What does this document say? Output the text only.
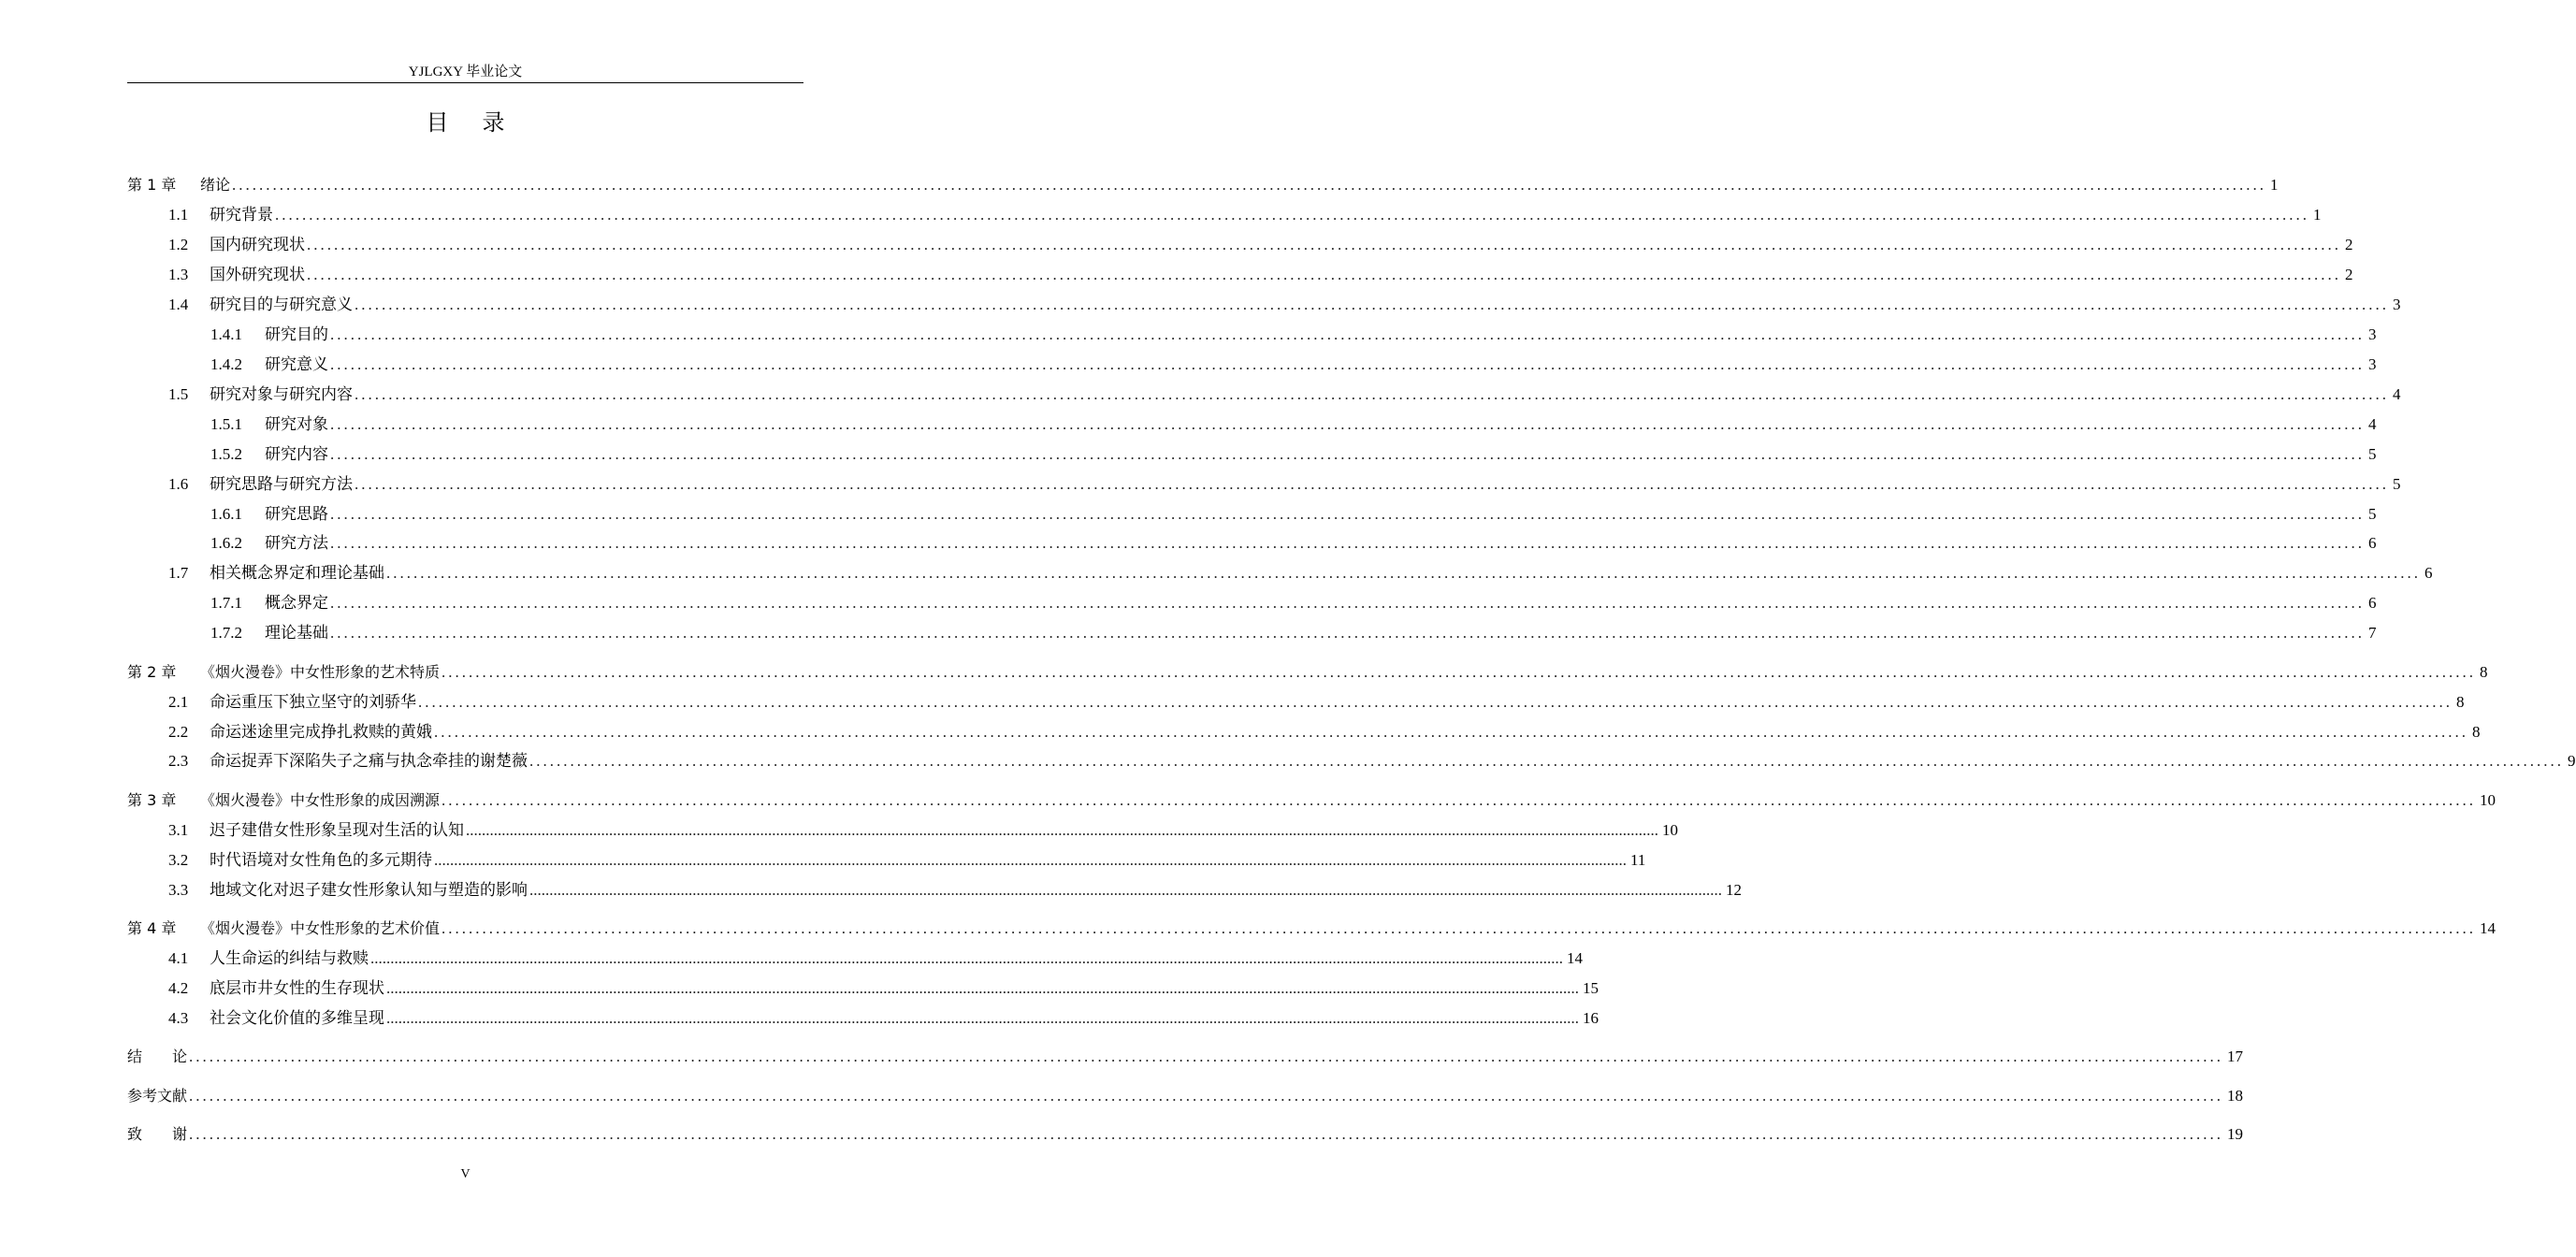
YJLGXY 毕业论文
目录
第 1 章	绪论 ............................................................................................................................................................................................................................................................................................................ 1
1.1	研究背景 ............................................................................................................................................................................................................................................................................................................ 1
1.2	国内研究现状 ............................................................................................................................................................................................................................................................................................................ 2
1.3	国外研究现状 ............................................................................................................................................................................................................................................................................................................ 2
1.4	研究目的与研究意义 ............................................................................................................................................................................................................................................................................................................ 3
1.4.1	研究目的 ............................................................................................................................................................................................................................................................................................................ 3
1.4.2	研究意义 ............................................................................................................................................................................................................................................................................................................ 3
1.5	研究对象与研究内容 ............................................................................................................................................................................................................................................................................................................ 4
1.5.1	研究对象 ............................................................................................................................................................................................................................................................................................................ 4
1.5.2	研究内容 ............................................................................................................................................................................................................................................................................................................ 5
1.6	研究思路与研究方法 ............................................................................................................................................................................................................................................................................................................ 5
1.6.1	研究思路 ............................................................................................................................................................................................................................................................................................................ 5
1.6.2	研究方法 ............................................................................................................................................................................................................................................................................................................ 6
1.7	相关概念界定和理论基础 ............................................................................................................................................................................................................................................................................................................ 6
1.7.1	概念界定 ............................................................................................................................................................................................................................................................................................................ 6
1.7.2	理论基础 ............................................................................................................................................................................................................................................................................................................ 7
第 2 章	《烟火漫卷》中女性形象的艺术特质 ............................................................................................................................................................................................................................................................................................................ 8
2.1	命运重压下独立坚守的刘骄华 ............................................................................................................................................................................................................................................................................................................ 8
2.2	命运迷途里完成挣扎救赎的黄娥 ............................................................................................................................................................................................................................................................................................................ 8
2.3	命运捉弄下深陷失子之痛与执念牵挂的谢楚薇 ............................................................................................................................................................................................................................................................................................................ 9
第 3 章	《烟火漫卷》中女性形象的成因溯源 ............................................................................................................................................................................................................................................................................................................ 10
3.1	迟子建借女性形象呈现对生活的认知 ............................................................................................................................................................................................................................................................................................................ 10
3.2	时代语境对女性角色的多元期待 ............................................................................................................................................................................................................................................................................................................ 11
3.3	地域文化对迟子建女性形象认知与塑造的影响 ............................................................................................................................................................................................................................................................................................................ 12
第 4 章	《烟火漫卷》中女性形象的艺术价值 ............................................................................................................................................................................................................................................................................................................ 14
4.1	人生命运的纠结与救赎 ............................................................................................................................................................................................................................................................................................................ 14
4.2	底层市井女性的生存现状 ............................................................................................................................................................................................................................................................................................................ 15
4.3	社会文化价值的多维呈现 ............................................................................................................................................................................................................................................................................................................ 16
结　　论 ............................................................................................................................................................................................................................................................................................................ 17
参考文献 ............................................................................................................................................................................................................................................................................................................ 18
致　　谢 ............................................................................................................................................................................................................................................................................................................ 19
V
